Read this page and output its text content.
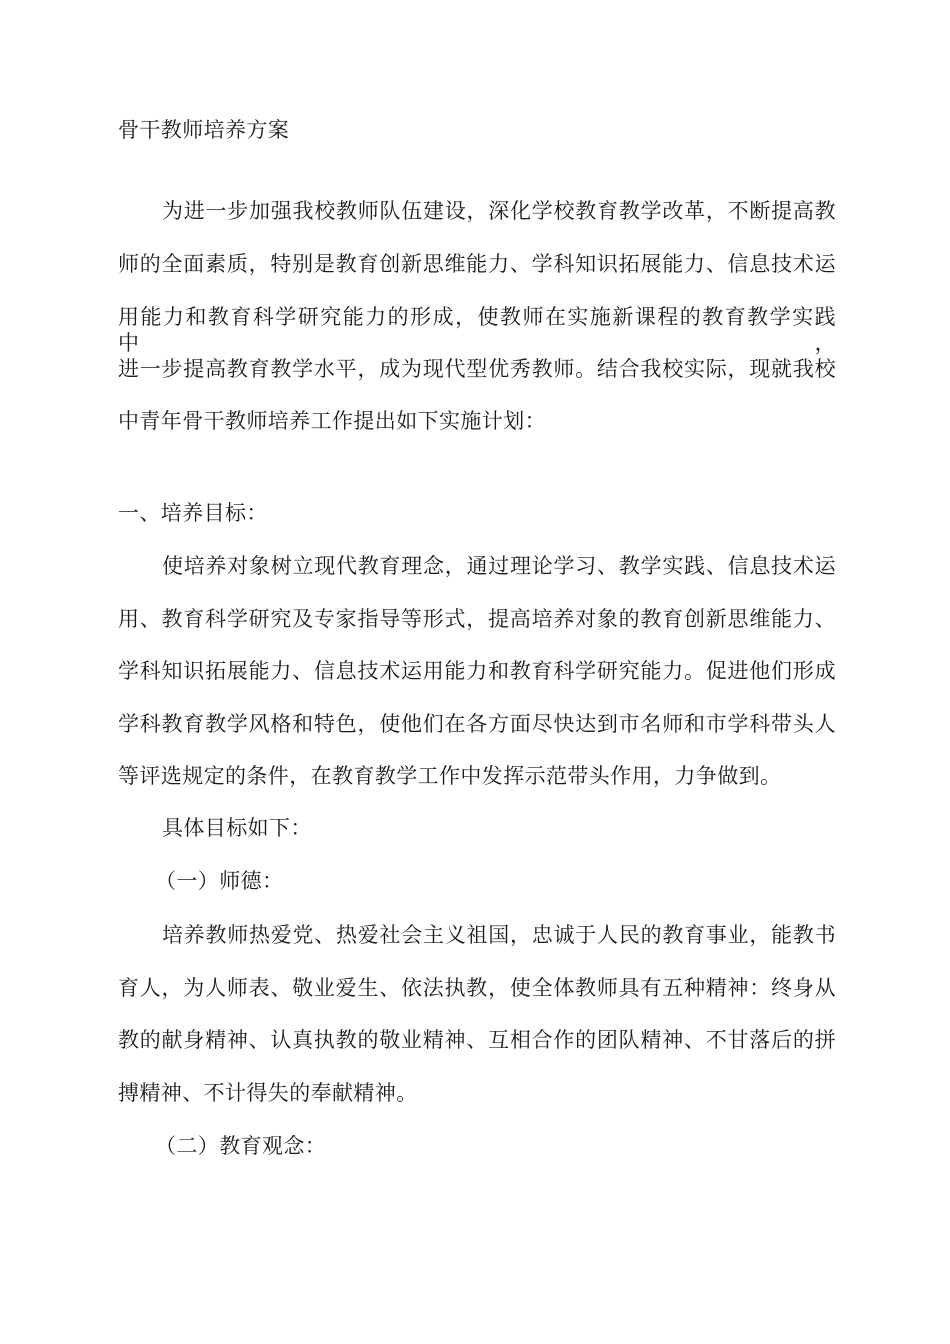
骨干教师培养方案
为进一步加强我校教师队伍建设，深化学校教育教学改革，不断提高教
师的全面素质，特别是教育创新思维能力、学科知识拓展能力、信息技术运
用能力和教育科学研究能力的形成，使教师在实施新课程的教育教学实践中，
进一步提高教育教学水平，成为现代型优秀教师。结合我校实际，现就我校
中青年骨干教师培养工作提出如下实施计划：
一、培养目标：
使培养对象树立现代教育理念，通过理论学习、教学实践、信息技术运
用、教育科学研究及专家指导等形式，提高培养对象的教育创新思维能力、
学科知识拓展能力、信息技术运用能力和教育科学研究能力。促进他们形成
学科教育教学风格和特色，使他们在各方面尽快达到市名师和市学科带头人
等评选规定的条件，在教育教学工作中发挥示范带头作用，力争做到。
具体目标如下：
（一）师德：
培养教师热爱党、热爱社会主义祖国，忠诚于人民的教育事业，能教书
育人，为人师表、敬业爱生、依法执教，使全体教师具有五种精神：终身从
教的献身精神、认真执教的敬业精神、互相合作的团队精神、不甘落后的拼
搏精神、不计得失的奉献精神。
（二）教育观念：
